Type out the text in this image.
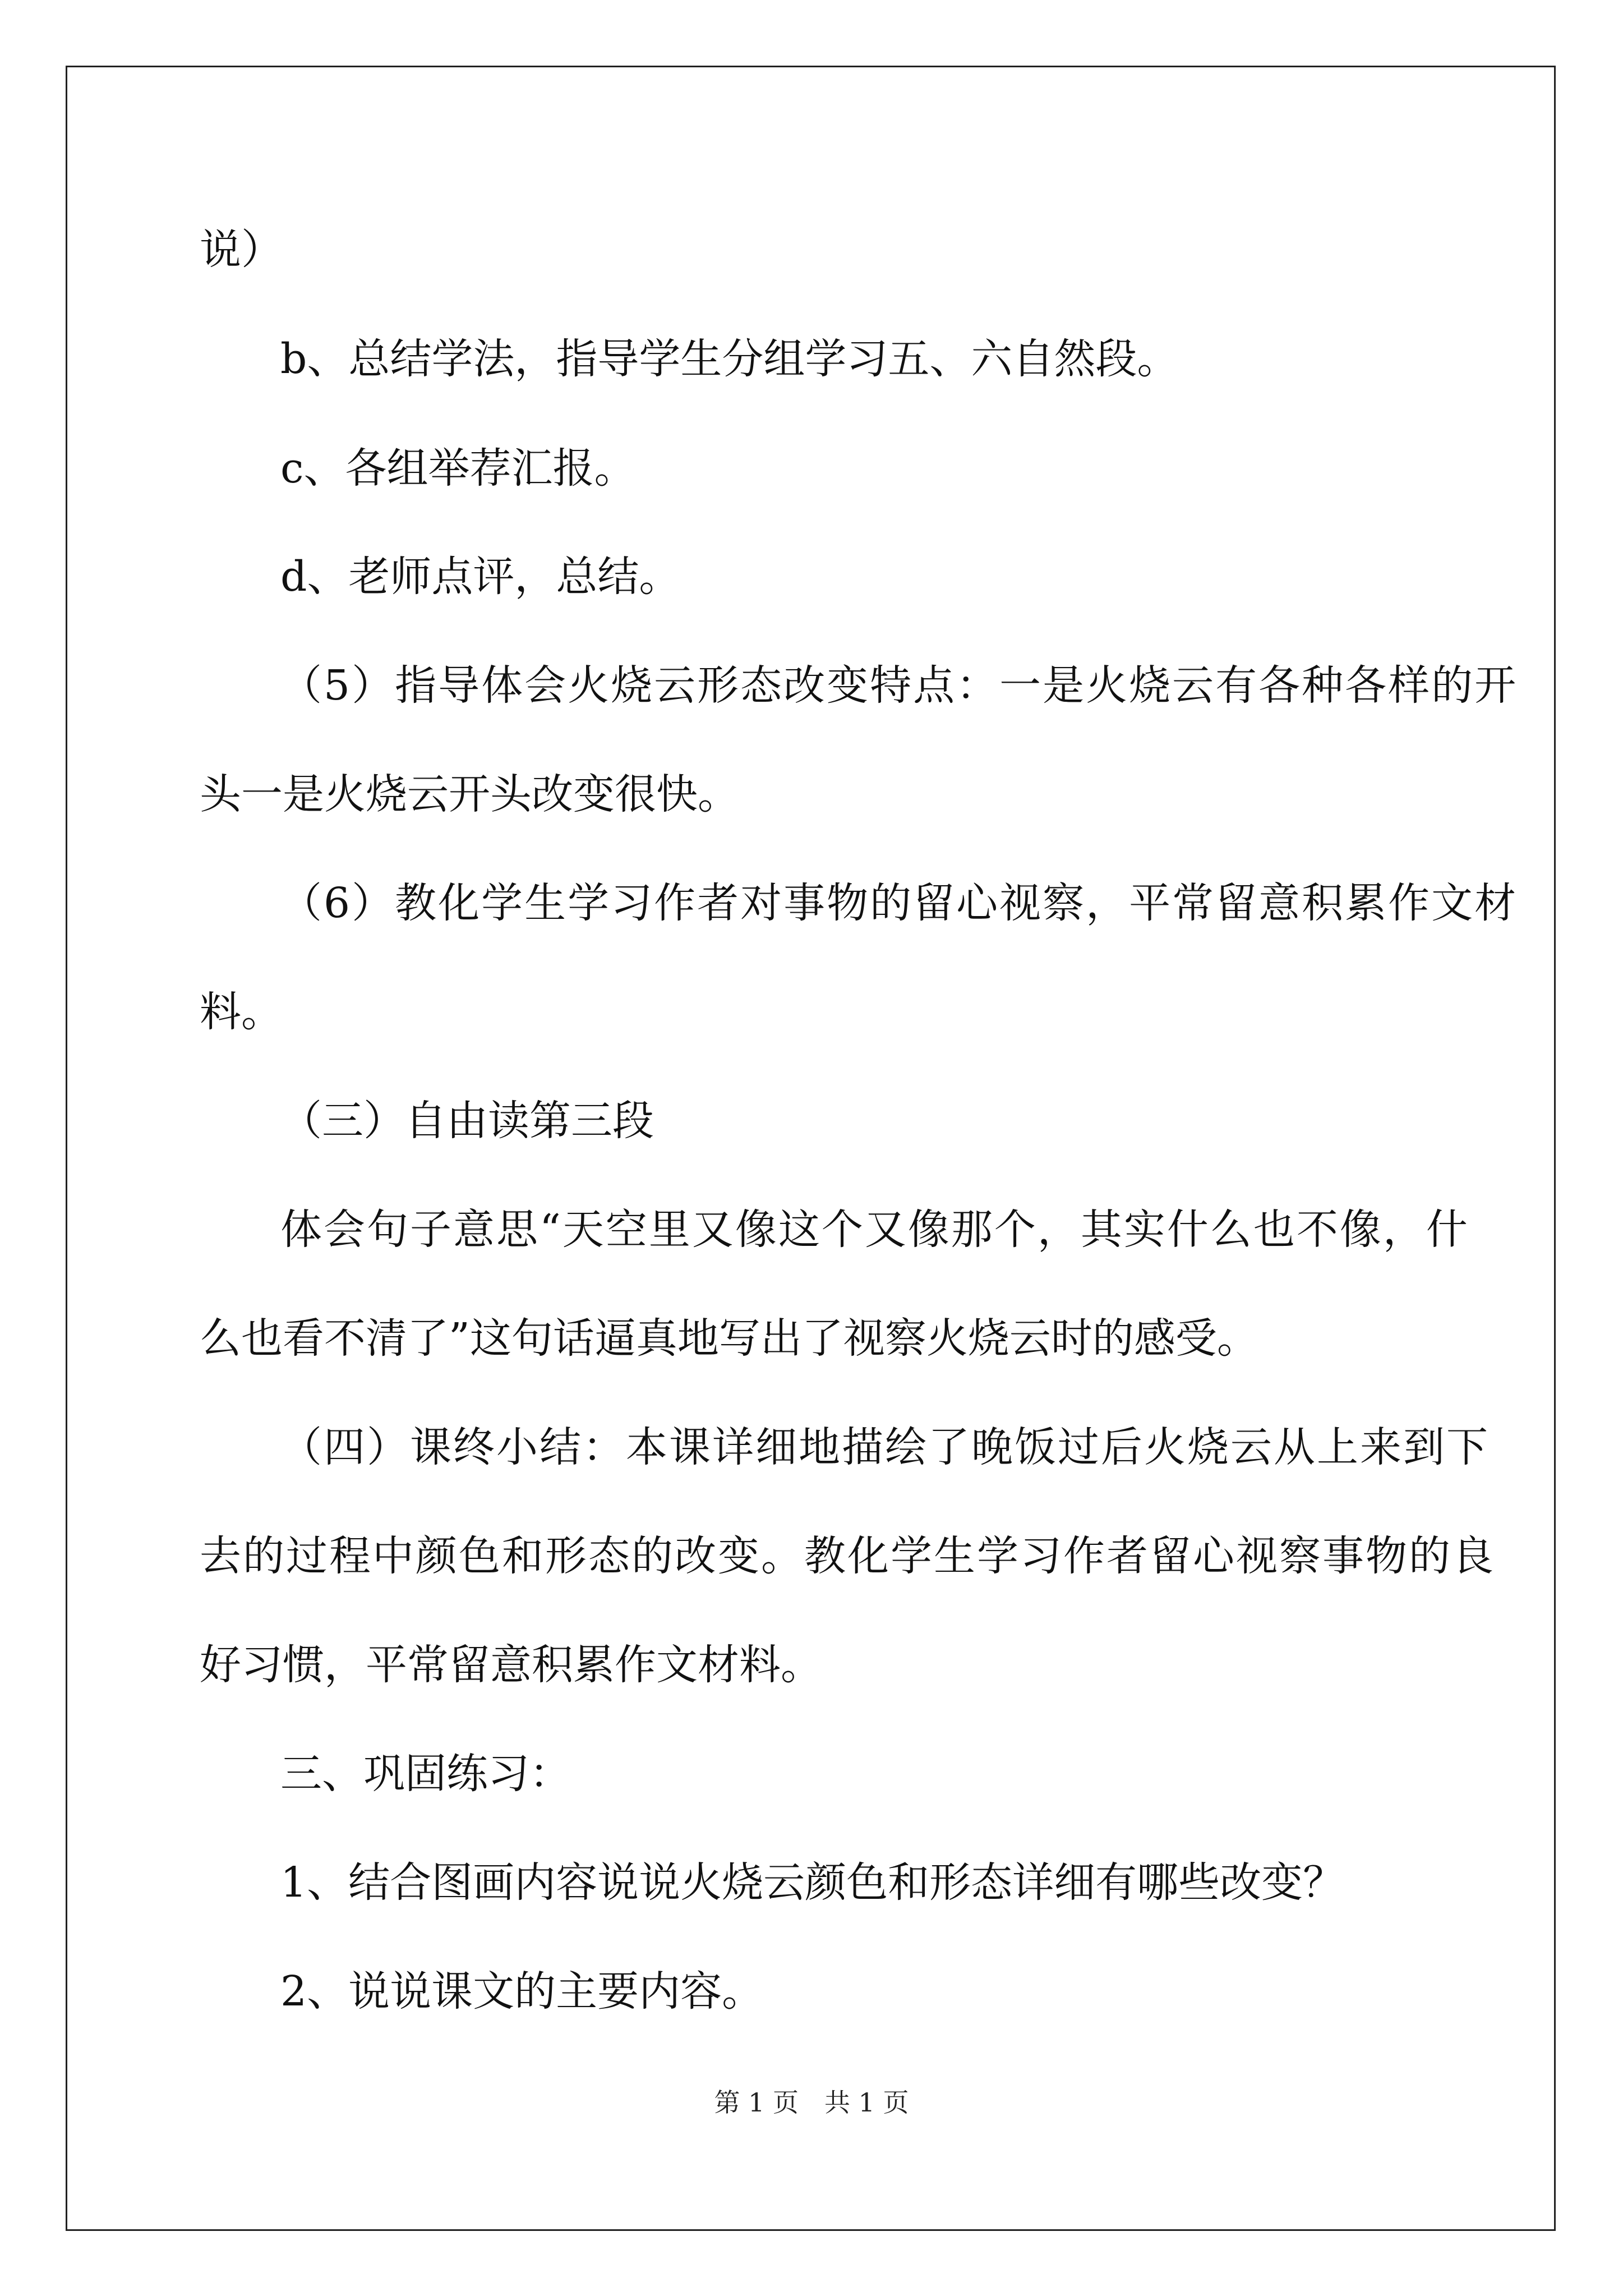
说）
b、总结学法，指导学生分组学习五、六自然段。
c、各组举荐汇报。
d、老师点评，总结。
（5）指导体会火烧云形态改变特点：一是火烧云有各种各样的开
头一是火烧云开头改变很快。
（6）教化学生学习作者对事物的留心视察，平常留意积累作文材
料。
（三）自由读第三段
体会句子意思“天空里又像这个又像那个，其实什么也不像，什
么也看不清了”这句话逼真地写出了视察火烧云时的感受。
（四）课终小结：本课详细地描绘了晚饭过后火烧云从上来到下
去的过程中颜色和形态的改变。教化学生学习作者留心视察事物的良
好习惯，平常留意积累作文材料。
三、巩固练习：
1、结合图画内容说说火烧云颜色和形态详细有哪些改变？
2、说说课文的主要内容。
第 1 页　共 1 页
